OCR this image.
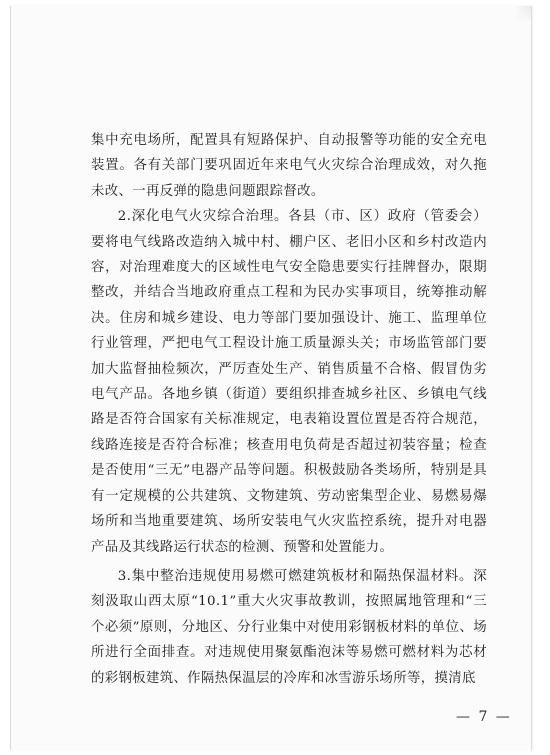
集中充电场所，配置具有短路保护、自动报警等功能的安全充电装置。各有关部门要巩固近年来电气火灾综合治理成效，对久拖未改、一再反弹的隐患问题跟踪督改。

2.深化电气火灾综合治理。各县（市、区）政府（管委会）要将电气线路改造纳入城中村、棚户区、老旧小区和乡村改造内容，对治理难度大的区域性电气安全隐患要实行挂牌督办，限期整改，并结合当地政府重点工程和为民办实事项目，统筹推动解决。住房和城乡建设、电力等部门要加强设计、施工、监理单位行业管理，严把电气工程设计施工质量源头关；市场监管部门要加大监督抽检频次，严厉查处生产、销售质量不合格、假冒伪劣电气产品。各地乡镇（街道）要组织排查城乡社区、乡镇电气线路是否符合国家有关标准规定，电表箱设置位置是否符合规范，线路连接是否符合标准；核查用电负荷是否超过初装容量；检查是否使用“三无”电器产品等问题。积极鼓励各类场所，特别是具有一定规模的公共建筑、文物建筑、劳动密集型企业、易燃易爆场所和当地重要建筑、场所安装电气火灾监控系统，提升对电器产品及其线路运行状态的检测、预警和处置能力。

3.集中整治违规使用易燃可燃建筑板材和隔热保温材料。深刻汲取山西太原“10.1”重大火灾事故教训，按照属地管理和“三个必须”原则，分地区、分行业集中对使用彩钢板材料的单位、场所进行全面排查。对违规使用聚氨酯泡沫等易燃可燃材料为芯材的彩钢板建筑、作隔热保温层的冷库和冰雪游乐场所等，摸清底

— 7 —
